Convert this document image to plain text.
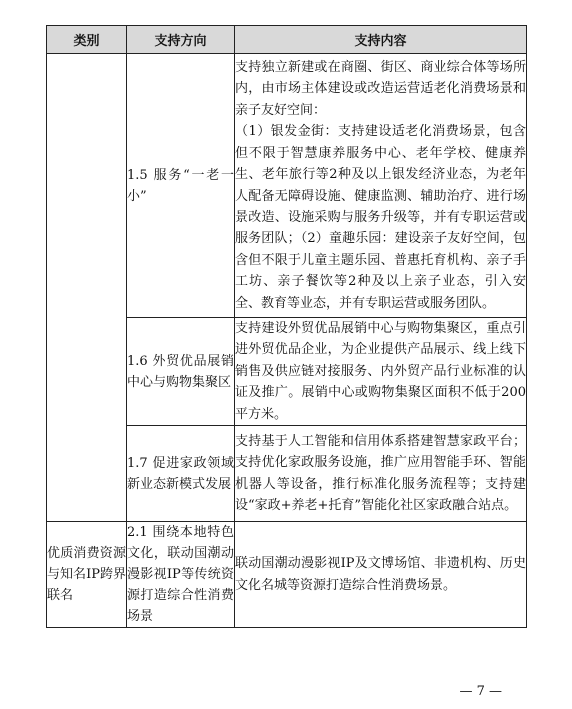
类别	支持方向	支持内容
	1.5 服务“一老一小”	支持独立新建或在商圈、街区、商业综合体等场所内，由市场主体建设或改造运营适老化消费场景和亲子友好空间：

（1）银发金街：支持建设适老化消费场景，包含但不限于智慧康养服务中心、老年学校、健康养生、老年旅行等2种及以上银发经济业态，为老年人配备无障碍设施、健康监测、辅助治疗、进行场景改造、设施采购与服务升级等，并有专职运营或服务团队；（2）童趣乐园：建设亲子友好空间，包含但不限于儿童主题乐园、普惠托育机构、亲子手工坊、亲子餐饮等2种及以上亲子业态，引入安全、教育等业态，并有专职运营或服务团队。

	1.6 外贸优品展销中心与购物集聚区	支持建设外贸优品展销中心与购物集聚区，重点引进外贸优品企业，为企业提供产品展示、线上线下销售及供应链对接服务、内外贸产品行业标准的认证及推广。展销中心或购物集聚区面积不低于200平方米。
	1.7 促进家政领域新业态新模式发展	支持基于人工智能和信用体系搭建智慧家政平台；支持优化家政服务设施，推广应用智能手环、智能机器人等设备，推行标准化服务流程等；支持建设“家政+养老+托育”智能化社区家政融合站点。
优质消费资源与知名IP跨界联名	2.1 围绕本地特色文化，联动国潮动漫影视IP等传统资源打造综合性消费场景	联动国潮动漫影视IP及文博场馆、非遗机构、历史文化名城等资源打造综合性消费场景。
— 7 —
